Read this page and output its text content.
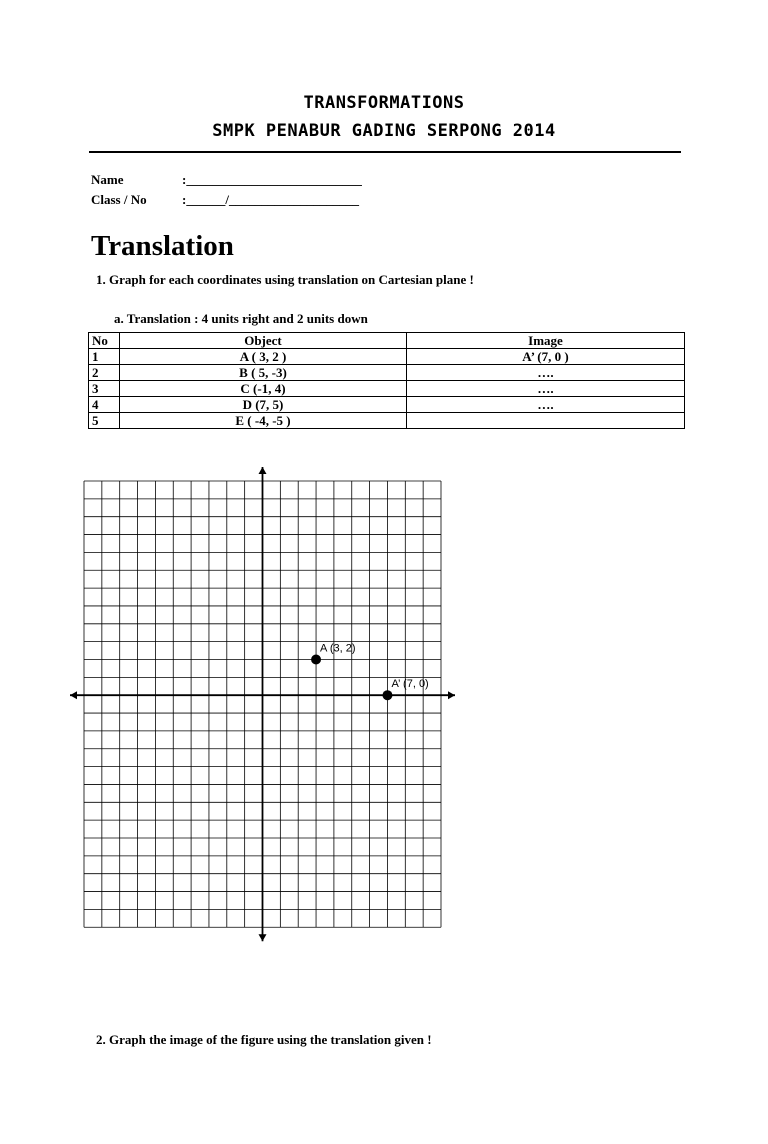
TRANSFORMATIONS
SMPK PENABUR GADING SERPONG 2014
Name	:___________________________
Class / No	:______/____________________
Translation
1. Graph for each coordinates using translation on Cartesian plane !
a. Translation : 4 units right and 2 units down
No	Object	Image
1	A ( 3, 2 )	A’ (7, 0 )
2	B ( 5, -3)	….
3	C (-1, 4)	….
4	D (7, 5)	….
5	E ( -4, -5 )	
A (3, 2)
A’ (7, 0)
2. Graph the image of the figure using the translation given !
